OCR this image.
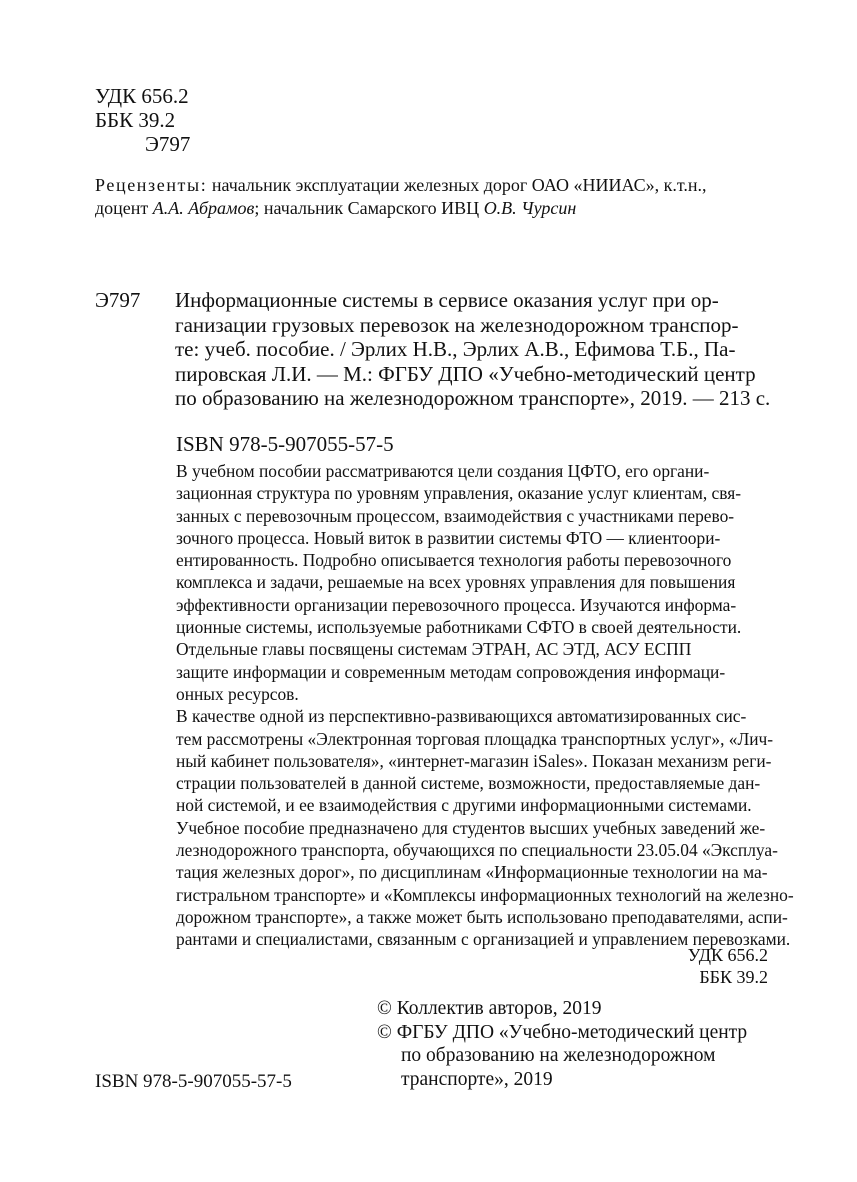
УДК 656.2
ББК 39.2
Э797
Рецензенты: начальник эксплуатации железных дорог ОАО «НИИАС», к.т.н.,
доцент А.А. Абрамов; начальник Самарского ИВЦ О.В. Чурсин
Э797 Информационные системы в сервисе оказания услуг при ор-
ганизации грузовых перевозок на железнодорожном транспор-
те: учеб. пособие. / Эрлих Н.В., Эрлих А.В., Ефимова Т.Б., Па-
пировская Л.И. — М.: ФГБУ ДПО «Учебно-методический центр
по образованию на железнодорожном транспорте», 2019. — 213 с.
ISBN 978-5-907055-57-5
В учебном пособии рассматриваются цели создания ЦФТО, его органи-
зационная структура по уровням управления, оказание услуг клиентам, свя-
занных с перевозочным процессом, взаимодействия с участниками перево-
зочного процесса. Новый виток в развитии системы ФТО — клиентоори-
ентированность. Подробно описывается технология работы перевозочного
комплекса и задачи, решаемые на всех уровнях управления для повышения
эффективности организации перевозочного процесса. Изучаются информа-
ционные системы, используемые работниками СФТО в своей деятельности.
Отдельные главы посвящены системам ЭТРАН, АС ЭТД, АСУ ЕСПП
защите информации и современным методам сопровождения информаци-
онных ресурсов.
В качестве одной из перспективно-развивающихся автоматизированных сис-
тем рассмотрены «Электронная торговая площадка транспортных услуг», «Лич-
ный кабинет пользователя», «интернет-магазин iSales». Показан механизм реги-
страции пользователей в данной системе, возможности, предоставляемые дан-
ной системой, и ее взаимодействия с другими информационными системами.
Учебное пособие предназначено для студентов высших учебных заведений же-
лезнодорожного транспорта, обучающихся по специальности 23.05.04 «Эксплуа-
тация железных дорог», по дисциплинам «Информационные технологии на ма-
гистральном транспорте» и «Комплексы информационных технологий на железно-
дорожном транспорте», а также может быть использовано преподавателями, аспи-
рантами и специалистами, связанным с организацией и управлением перевозками.
УДК 656.2
ББК 39.2
© Коллектив авторов, 2019
© ФГБУ ДПО «Учебно-методический центр
по образованию на железнодорожном
транспорте», 2019
ISBN 978-5-907055-57-5
